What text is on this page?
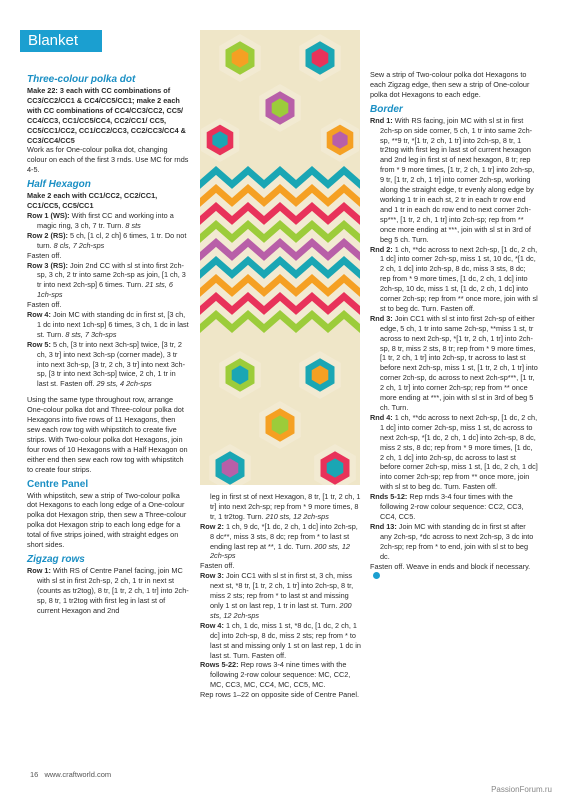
Blanket

Three-colour polka dot

Make 22: 3 each with CC combinations of CC3/CC2/CC1 & CC4/CC5/CC1; make 2 each with CC combinations of CC4/CC3/CC2, CC5/ CC4/CC3, CC1/CC5/CC4, CC2/CC1/ CC5, CC5/CC1/CC2, CC1/CC2/CC3, CC2/CC3/CC4 & CC3/CC4/CC5

Work as for One-colour polka dot, changing colour on each of the first 3 rnds. Use MC for rnds 4-5.

Half Hexagon

Make 2 each with CC1/CC2, CC2/CC1, CC1/CC5, CC5/CC1

Row 1 (WS): With first CC and working into a magic ring, 3 ch, 7 tr. Turn. 8 sts

Row 2 (RS): 5 ch, [1 cl, 2 ch] 6 times, 1 tr. Do not turn. 8 cls, 7 2ch-sps

Fasten off.

Row 3 (RS): Join 2nd CC with sl st into first 2ch-sp, 3 ch, 2 tr into same 2ch-sp as join, [1 ch, 3 tr into next 2ch-sp] 6 times. Turn. 21 sts, 6 1ch-sps

Fasten off.

Row 4: Join MC with standing dc in first st, [3 ch, 1 dc into next 1ch-sp] 6 times, 3 ch, 1 dc in last st. Turn. 8 sts, 7 3ch-sps

Row 5: 5 ch, [3 tr into next 3ch-sp] twice, [3 tr, 2 ch, 3 tr] into next 3ch-sp (corner made), 3 tr into next 3ch-sp, [3 tr, 2 ch, 3 tr] into next 3ch-sp, [3 tr into next 3ch-sp] twice, 2 ch, 1 tr in last st. Fasten off. 29 sts, 4 2ch-sps

Using the same type throughout row, arrange One-colour polka dot and Three-colour polka dot Hexagons into five rows of 11 Hexagons, then sew each row tog with whipstitch to create five strips. With Two-colour polka dot Hexagons, join four rows of 10 Hexagons with a Half Hexagon on either end then sew each row tog with whipstitch to create four strips.

Centre Panel

With whipstitch, sew a strip of Two-colour polka dot Hexagons to each long edge of a One-colour polka dot Hexagon strip, then sew a Three-colour polka dot Hexagon strip to each long edge for a total of five strips joined, with straight edges on short sides.

Zigzag rows

Row 1: With RS of Centre Panel facing, join MC with sl st in first 2ch-sp, 2 ch, 1 tr in next st (counts as tr2tog), 8 tr, [1 tr, 2 ch, 1 tr] into 2ch-sp, 8 tr, 1 tr2tog with first leg in last st of current Hexagon and 2nd

leg in first st of next Hexagon, 8 tr, [1 tr, 2 ch, 1 tr] into next 2ch-sp; rep from * 9 more times, 8 tr, 1 tr2tog. Turn. 210 sts, 12 2ch-sps

Row 2: 1 ch, 9 dc, *[1 dc, 2 ch, 1 dc] into 2ch-sp, 8 dc**, miss 3 sts, 8 dc; rep from * to last st ending last rep at **, 1 dc. Turn. 200 sts, 12 2ch-sps

Fasten off.

Row 3: Join CC1 with sl st in first st, 3 ch, miss next st, *8 tr, [1 tr, 2 ch, 1 tr] into 2ch-sp, 8 tr, miss 2 sts; rep from * to last st and missing only 1 st on last rep, 1 tr in last st. Turn. 200 sts, 12 2ch-sps

Row 4: 1 ch, 1 dc, miss 1 st, *8 dc, [1 dc, 2 ch, 1 dc] into 2ch-sp, 8 dc, miss 2 sts; rep from * to last st and missing only 1 st on last rep, 1 dc in last st. Turn. Fasten off.

Rows 5-22: Rep rows 3-4 nine times with the following 2-row colour sequence: MC, CC2, MC, CC3, MC, CC4, MC, CC5, MC.

Rep rows 1–22 on opposite side of Centre Panel.

Sew a strip of Two-colour polka dot Hexagons to each Zigzag edge, then sew a strip of One-colour polka dot Hexagons to each edge.

Border

Rnd 1: With RS facing, join MC with sl st in first 2ch-sp on side corner, 5 ch, 1 tr into same 2ch-sp, **9 tr, *[1 tr, 2 ch, 1 tr] into 2ch-sp, 8 tr, 1 tr2tog with first leg in last st of current hexagon and 2nd leg in first st of next hexagon, 8 tr; rep from * 9 more times, [1 tr, 2 ch, 1 tr] into 2ch-sp, 9 tr, [1 tr, 2 ch, 1 tr] into corner 2ch-sp, working along the straight edge, tr evenly along edge by working 1 tr in each st, 2 tr in each tr row end and 1 tr in each dc row end to next corner 2ch-sp***, [1 tr, 2 ch, 1 tr] into 2ch-sp; rep from ** once more ending at ***, join with sl st in 3rd of beg 5 ch. Turn.

Rnd 2: 1 ch, **dc across to next 2ch-sp, [1 dc, 2 ch, 1 dc] into corner 2ch-sp, miss 1 st, 10 dc, *[1 dc, 2 ch, 1 dc] into 2ch-sp, 8 dc, miss 3 sts, 8 dc; rep from * 9 more times, [1 dc, 2 ch, 1 dc] into 2ch-sp, 10 dc, miss 1 st, [1 dc, 2 ch, 1 dc] into corner 2ch-sp; rep from ** once more, join with sl st to beg dc. Turn. Fasten off.

Rnd 3: Join CC1 with sl st into first 2ch-sp of either edge, 5 ch, 1 tr into same 2ch-sp, **miss 1 st, tr across to next 2ch-sp, *[1 tr, 2 ch, 1 tr] into 2ch-sp, 8 tr, miss 2 sts, 8 tr; rep from * 9 more times, [1 tr, 2 ch, 1 tr] into 2ch-sp, tr across to last st before next 2ch-sp, miss 1 st, [1 tr, 2 ch, 1 tr] into corner 2ch-sp, dc across to next 2ch-sp***, [1 tr, 2 ch, 1 tr] into corner 2ch-sp; rep from ** once more ending at ***, join with sl st in 3rd of beg 5 ch. Turn.

Rnd 4: 1 ch, **dc across to next 2ch-sp, [1 dc, 2 ch, 1 dc] into corner 2ch-sp, miss 1 st, dc across to next 2ch-sp, *[1 dc, 2 ch, 1 dc] into 2ch-sp, 8 dc, miss 2 sts, 8 dc; rep from * 9 more times, [1 dc, 2 ch, 1 dc] into 2ch-sp, dc across to last st before corner 2ch-sp, miss 1 st, [1 dc, 2 ch, 1 dc] into corner 2ch-sp; rep from ** once more, join with sl st to beg dc. Turn. Fasten off.

Rnds 5-12: Rep rnds 3-4 four times with the following 2-row colour sequence: CC2, CC3, CC4, CC5.

Rnd 13: Join MC with standing dc in first st after any 2ch-sp, *dc across to next 2ch-sp, 3 dc into 2ch-sp; rep from * to end, join with sl st to beg dc.

Fasten off. Weave in ends and block if necessary.

16 www.craftworld.com
PassionForum.ru
